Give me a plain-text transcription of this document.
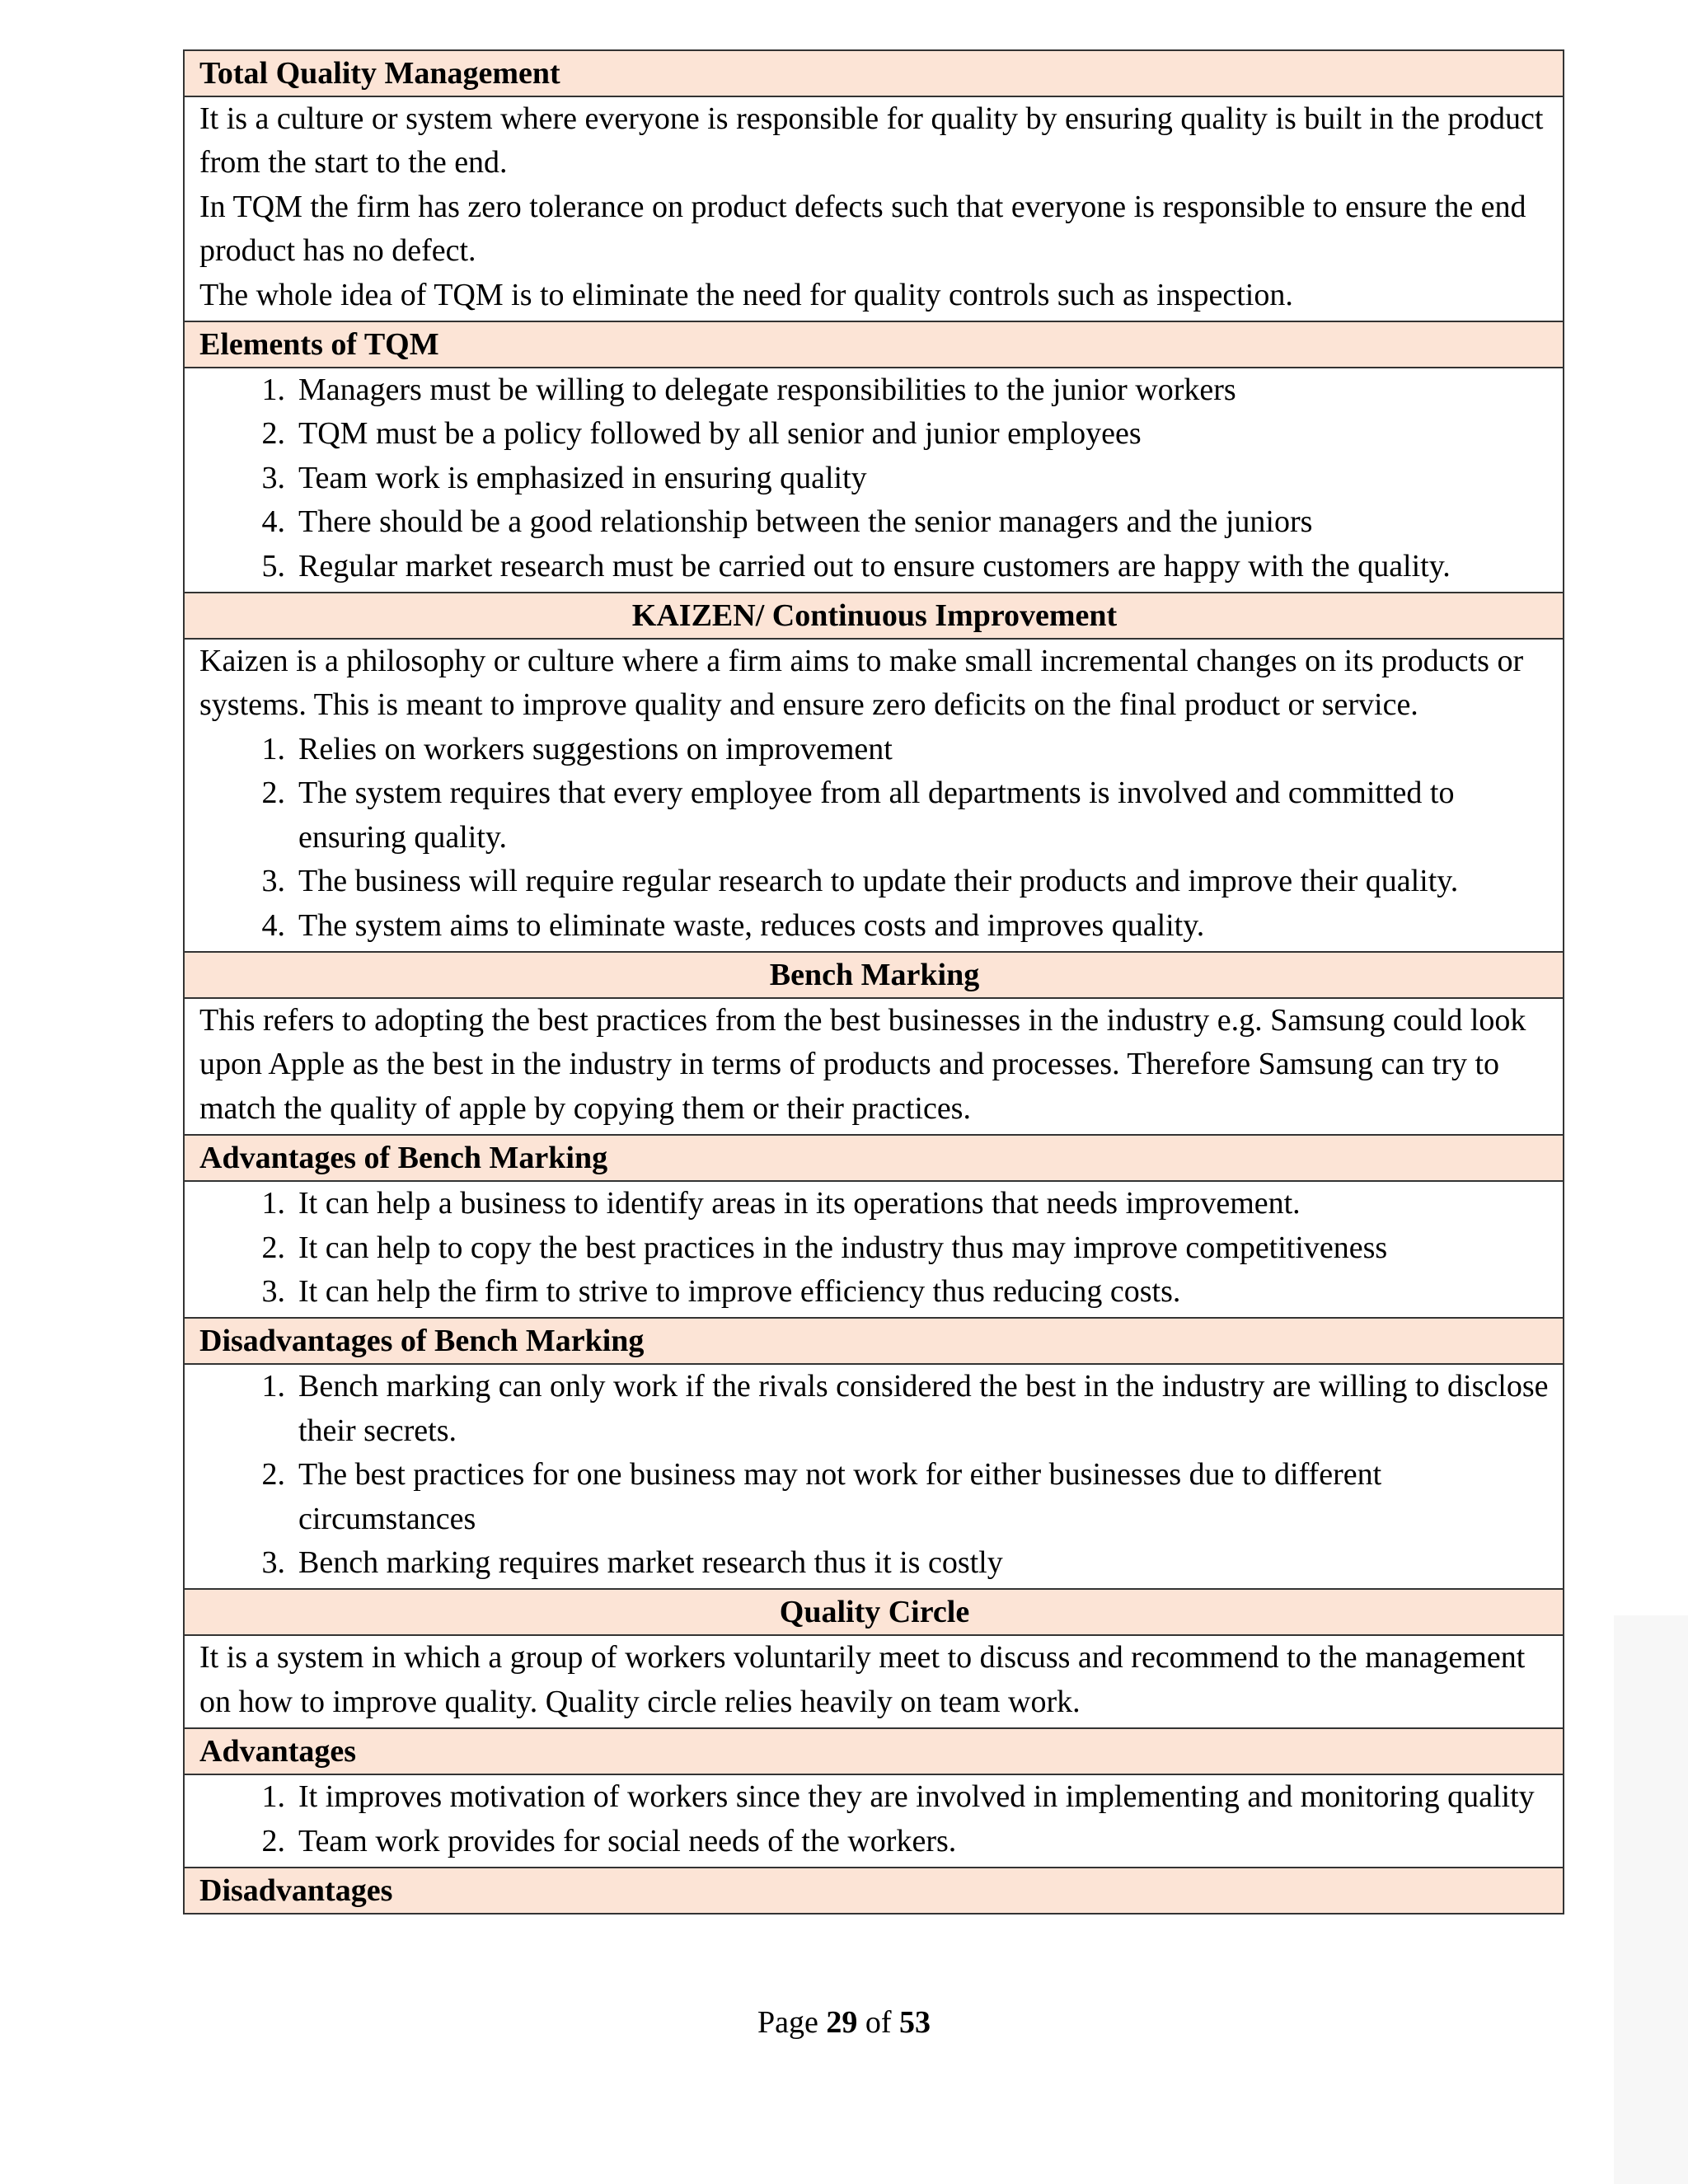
Total Quality Management

It is a culture or system where everyone is responsible for quality by ensuring quality is built in the product from the start to the end.

In TQM the firm has zero tolerance on product defects such that everyone is responsible to ensure the end product has no defect.

The whole idea of TQM is to eliminate the need for quality controls such as inspection.

Elements of TQM
1. Managers must be willing to delegate responsibilities to the junior workers
2. TQM must be a policy followed by all senior and junior employees
3. Team work is emphasized in ensuring quality
4. There should be a good relationship between the senior managers and the juniors
5. Regular market research must be carried out to ensure customers are happy with the quality.
KAIZEN/ Continuous Improvement

Kaizen is a philosophy or culture where a firm aims to make small incremental changes on its products or systems. This is meant to improve quality and ensure zero deficits on the final product or service.

1. Relies on workers suggestions on improvement
2. The system requires that every employee from all departments is involved and committed to ensuring quality.
3. The business will require regular research to update their products and improve their quality.
4. The system aims to eliminate waste, reduces costs and improves quality.
Bench Marking

This refers to adopting the best practices from the best businesses in the industry e.g. Samsung could look upon Apple as the best in the industry in terms of products and processes. Therefore Samsung can try to match the quality of apple by copying them or their practices.

Advantages of Bench Marking
1. It can help a business to identify areas in its operations that needs improvement.
2. It can help to copy the best practices in the industry thus may improve competitiveness
3. It can help the firm to strive to improve efficiency thus reducing costs.
Disadvantages of Bench Marking
1. Bench marking can only work if the rivals considered the best in the industry are willing to disclose their secrets.
2. The best practices for one business may not work for either businesses due to different circumstances
3. Bench marking requires market research thus it is costly
Quality Circle

It is a system in which a group of workers voluntarily meet to discuss and recommend to the management on how to improve quality. Quality circle relies heavily on team work.

Advantages
1. It improves motivation of workers since they are involved in implementing and monitoring quality
2. Team work provides for social needs of the workers.
Disadvantages
Page 29 of 53
